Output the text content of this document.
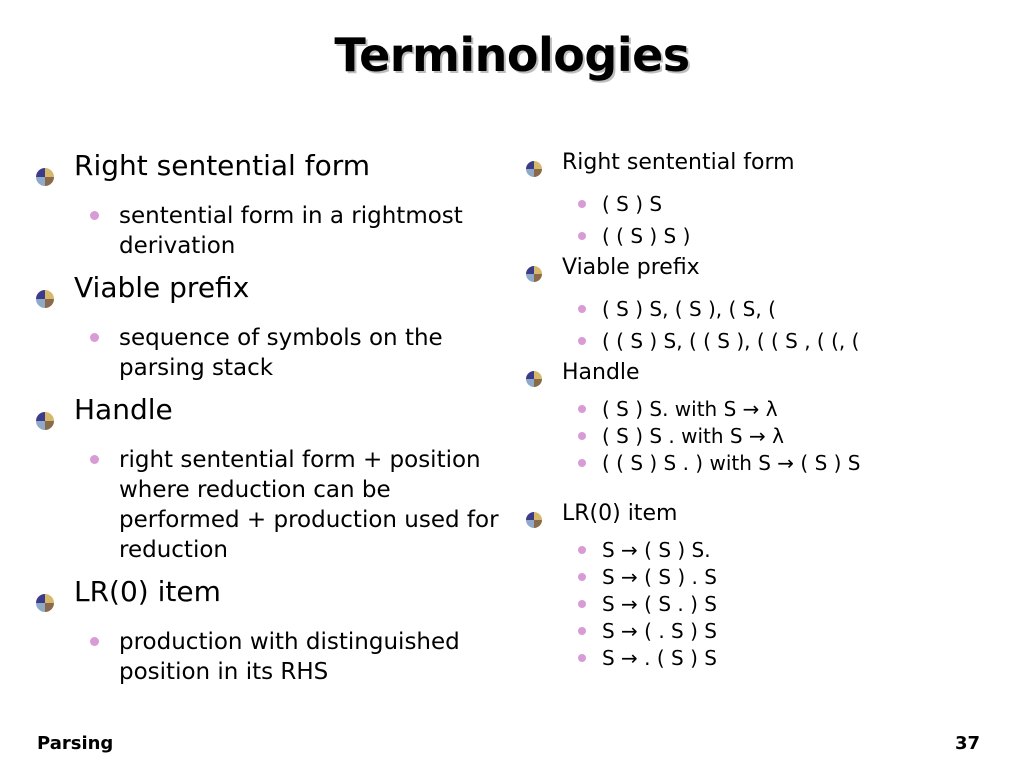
Terminologies
Right sentential form
sentential form in a rightmost derivation
Viable prefix
sequence of symbols on the parsing stack
Handle
right sentential form + position where reduction can be performed + production used for reduction
LR(0) item
production with distinguished position in its RHS
Right sentential form
( S ) S
( ( S ) S )
Viable prefix
( S ) S, ( S ), ( S, (
( ( S ) S, ( ( S ), ( ( S , ( (, (
Handle
( S ) S. with S → λ
( S ) S . with S → λ
( ( S ) S . ) with S → ( S ) S
LR(0) item
S → ( S ) S.
S → ( S ) . S
S → ( S . ) S
S → ( . S ) S
S → . ( S ) S
Parsing	37
